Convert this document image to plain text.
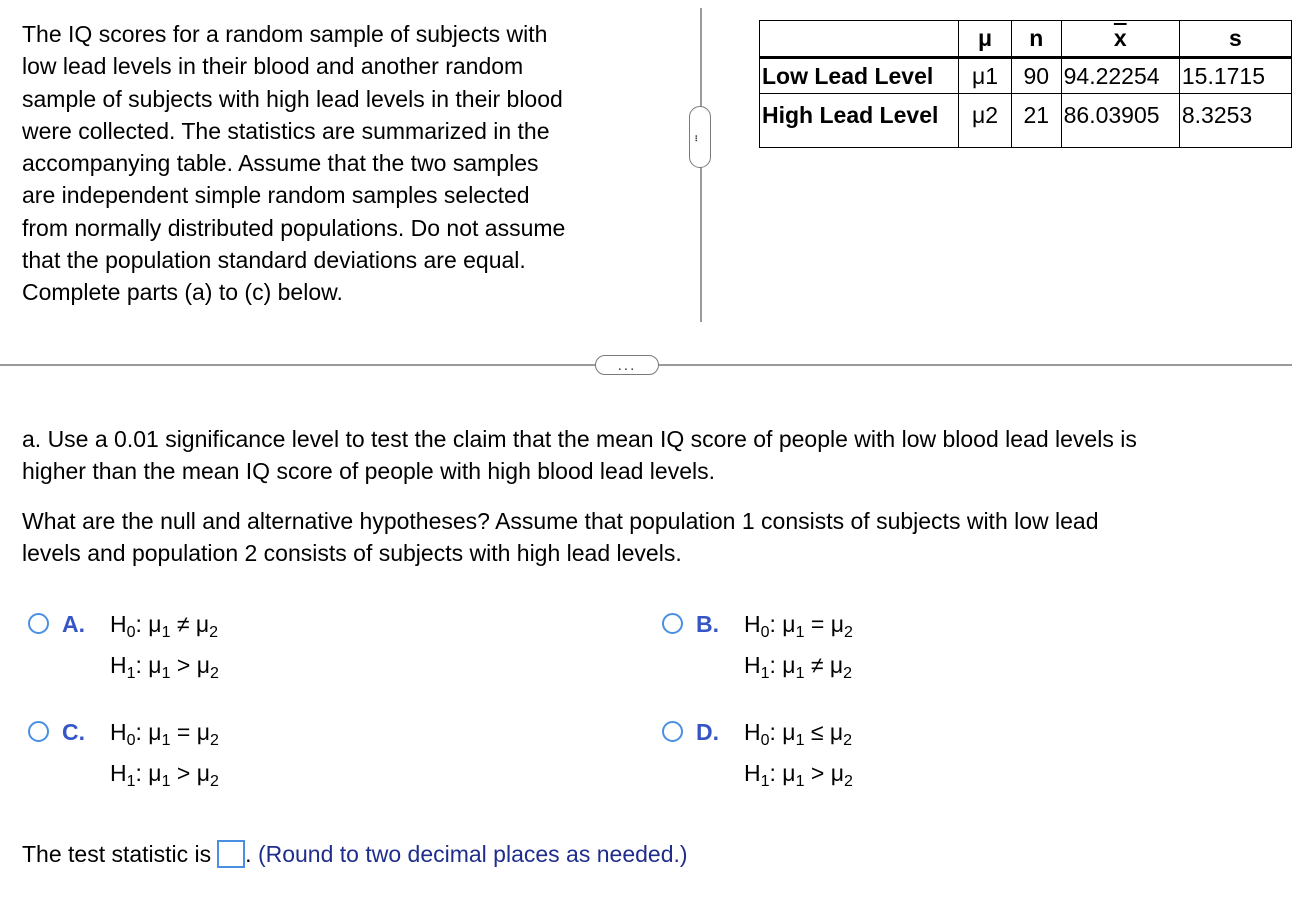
The IQ scores for a random sample of subjects with
low lead levels in their blood and another random
sample of subjects with high lead levels in their blood
were collected. The statistics are summarized in the
accompanying table. Assume that the two samples
are independent simple random samples selected
from normally distributed populations. Do not assume
that the population standard deviations are equal.
Complete parts (a) to (c) below.
...
	μ	n	$\overline{x}$	s
Low Lead Level	μ1	90	94.22254	15.1715
High Lead Level	μ2	21	86.03905	8.3253
...
a. Use a 0.01 significance level to test the claim that the mean IQ score of people with low blood lead levels is
higher than the mean IQ score of people with high blood lead levels.
What are the null and alternative hypotheses? Assume that population 1 consists of subjects with low lead
levels and population 2 consists of subjects with high lead levels.
A. $H_0$: $\mu_1 \ne \mu_2$
$H_1$: $\mu_1 > \mu_2$
B. $H_0$: $\mu_1 = \mu_2$
$H_1$: $\mu_1 \ne \mu_2$
C. $H_0$: $\mu_1 = \mu_2$
$H_1$: $\mu_1 > \mu_2$
D. $H_0$: $\mu_1 \le \mu_2$
$H_1$: $\mu_1 > \mu_2$
The test statistic is . (Round to two decimal places as needed.)
